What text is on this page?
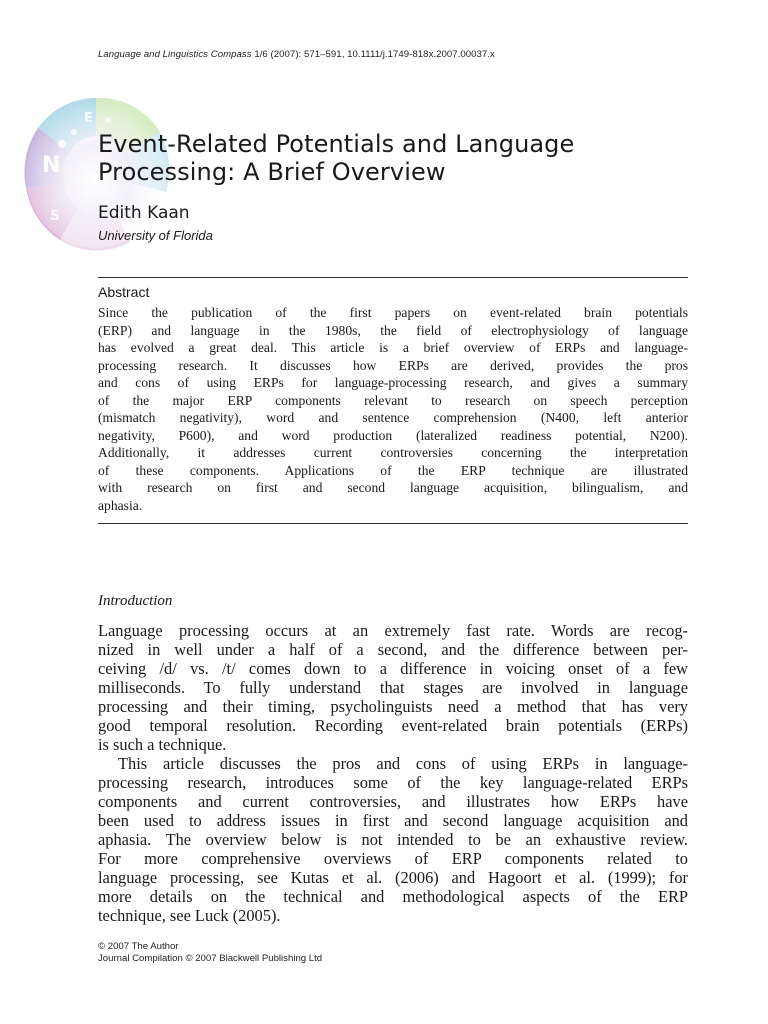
Language and Linguistics Compass 1/6 (2007): 571–591, 10.1111/j.1749-818x.2007.00037.x
N
E
S
Event-Related Potentials and Language
Processing: A Brief Overview
Edith Kaan
University of Florida
Abstract
Since the publication of the first papers on event-related brain potentials
(ERP) and language in the 1980s, the field of electrophysiology of language
has evolved a great deal. This article is a brief overview of ERPs and language-
processing research. It discusses how ERPs are derived, provides the pros
and cons of using ERPs for language-processing research, and gives a summary
of the major ERP components relevant to research on speech perception
(mismatch negativity), word and sentence comprehension (N400, left anterior
negativity, P600), and word production (lateralized readiness potential, N200).
Additionally, it addresses current controversies concerning the interpretation
of these components. Applications of the ERP technique are illustrated
with research on first and second language acquisition, bilingualism, and
aphasia.
Introduction
Language processing occurs at an extremely fast rate. Words are recog-
nized in well under a half of a second, and the difference between per-
ceiving /d/ vs. /t/ comes down to a difference in voicing onset of a few
milliseconds. To fully understand that stages are involved in language
processing and their timing, psycholinguists need a method that has very
good temporal resolution. Recording event-related brain potentials (ERPs)
is such a technique.
This article discusses the pros and cons of using ERPs in language-
processing research, introduces some of the key language-related ERPs
components and current controversies, and illustrates how ERPs have
been used to address issues in first and second language acquisition and
aphasia. The overview below is not intended to be an exhaustive review.
For more comprehensive overviews of ERP components related to
language processing, see Kutas et al. (2006) and Hagoort et al. (1999); for
more details on the technical and methodological aspects of the ERP
technique, see Luck (2005).
© 2007 The Author
Journal Compilation © 2007 Blackwell Publishing Ltd
